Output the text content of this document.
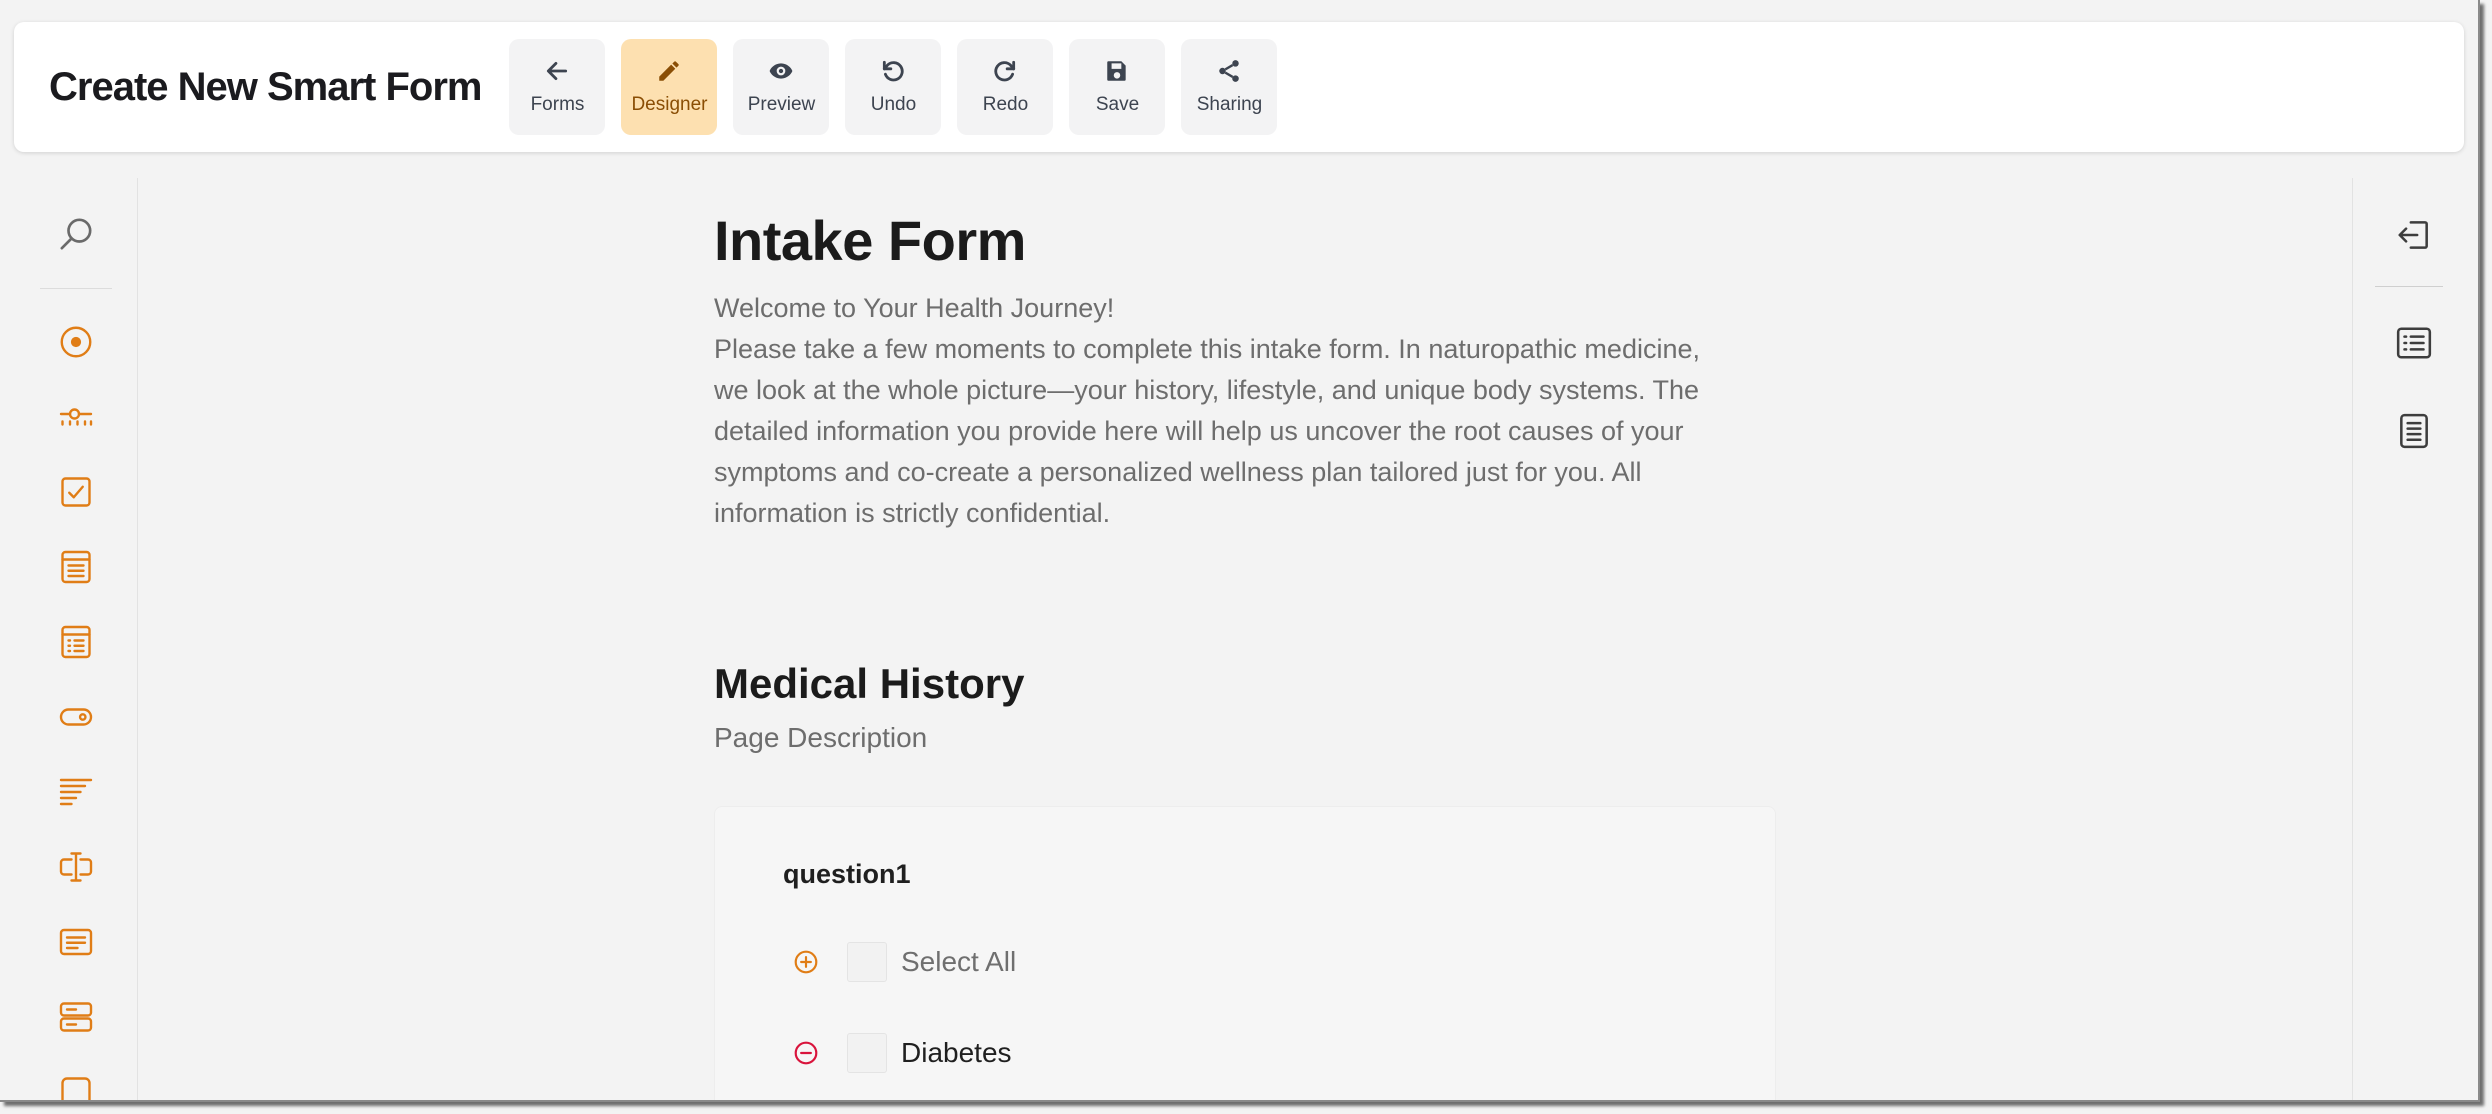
Create New Smart Form	Forms Designer Preview	Undo	Redo	Save	Sharing
Intake Form
Welcome to Your Health Journey!
Please take a few moments to complete this intake form. In naturopathic medicine,
we look at the whole picture—your history, lifestyle, and unique body systems. The
detailed information you provide here will help us uncover the root causes of your
symptoms and co-create a personalized wellness plan tailored just for you. All
information is strictly confidential.
Medical History
Page Description
question1
Select All
Diabetes
